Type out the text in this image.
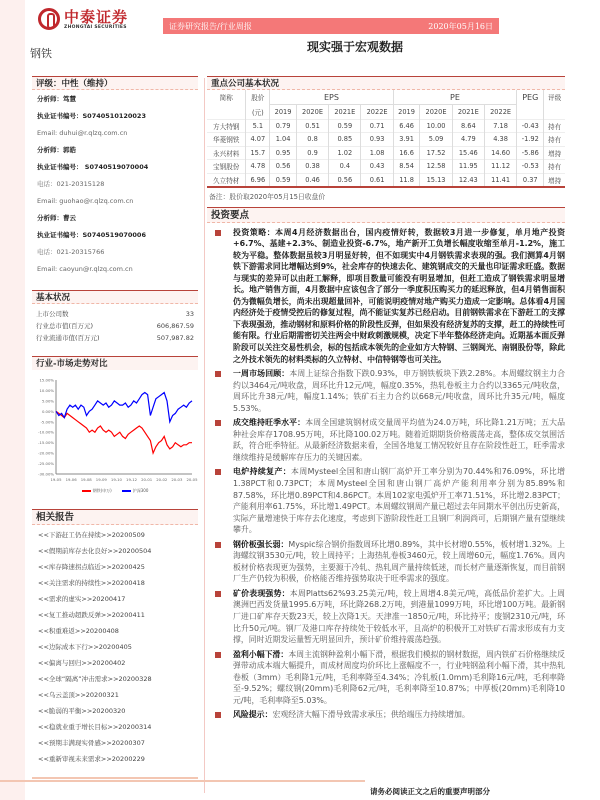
中泰证券
ZHONGTAI SECURITIES	证券研究报告/行业周报	2020年05月16日
现实强于宏观数据
钢铁
评级：中性（维持）
分析师：笃慧
执业证书编号：S0740510120023
Email: duhui@r.qlzq.com.cn
分析师：郭皓
执业证书编号： S0740519070004
电话：021-20315128
Email: guohao@r.qlzq.com.cn
分析师：曹云
执业证书编号：S0740519070006
电话：021-20315766
Email: caoyun@r.qlzq.com.cn
基本状况
上市公司数	33
行业总市值(百万元)	606,867.59
行业流通市值(百万元)	507,987.82
行业-市场走势对比
15.00%
10.00%
5.00%
0.00%
-5.00%
-10.00%
-15.00%
-20.00%
-25.00%
-30.00%
19-05 19-06 19-08 19-09 19-10 19-12 20-01 20-02 20-03 20-05
钢铁(申万)	沪深300
相关报告
<<下游赶工仍在持续>>20200509
<<假期前库存去化良好>>20200504
<<库存降速拐点临近>>20200425
<<关注需求的持续性>>20200418
<<需求的虚实>>20200417
<<复工推动超跌反弹>>20200411
<<积重难返>>20200408
<<边际成本下行>>20200405
<<偏离与回归>>20200402
<<全球“隔离”冲击需求>>20200328
<<乌云盖顶>>20200321
<<脆弱的平衡>>20200320
<<稳就业重于增长目标>>20200314
<<预期丰满现实骨感>>20200307
<<重新审视未来需求>>20200229
重点公司基本状况
简称	股价	EPS				PE				PEG	评级
	(元)	2019	2020E	2021E	2022E	2019	2020E	2021E	2022E		
方大特钢	5.1	0.79	0.51	0.59	0.71	6.46	10.00	8.64	7.18	-0.43	持有
华菱钢铁	4.07	1.04	0.8	0.85	0.93	3.91	5.09	4.79	4.38	-1.92	持有
永兴材料	15.7	0.95	0.9	1.02	1.08	16.6	17.52	15.46	14.60	-5.86	增持
宝钢股份	4.78	0.56	0.38	0.4	0.43	8.54	12.58	11.95	11.12	-0.53	持有
久立特材	6.96	0.59	0.46	0.56	0.61	11.8	15.13	12.43	11.41	0.37	增持
备注：股价取2020年05月15日收盘价
投资要点
投资策略：本周4月经济数据出台，国内疫情好转，数据较3月进一步修复，单月地产投资+6.7%、基建+2.3%、制造业投资-6.7%，地产新开工负增长幅度收缩至单月-1.2%，施工较为平稳。整体数据虽较3月明显好转，但不如现实中4月钢铁需求表现的强。我们测算4月钢铁下游需求同比增幅达到9%，社会库存的快速去化、建筑钢成交的天量也印证需求旺盛。数据与现实的差异可以由赶工解释，即项目数量可能没有明显增加，但赶工造成了钢铁需求明显增长。地产销售方面，4月数据中应该包含了部分一季度积压购买力的延迟释放，但4月销售面积仍为微幅负增长，尚未出现超量回补，可能说明疫情对地产购买力造成一定影响。总体看4月国内经济处于疫情受控后的修复过程，尚不能证实复苏已经启动。目前钢铁需求在下游赶工的支撑下表现强劲，推动钢材和原料价格的阶段性反弹，但如果没有经济复苏的支撑，赶工的持续性可能有限。行业后期需密切关注两会中财政刺激规模，决定下半年整体经济走向。近期基本面反弹阶段可以关注交易性机会，标的包括成本领先的企业如方大特钢、三钢闽光、南钢股份等，除此之外技术领先的材料类标的久立特材、中信特钢等也可关注。
一周市场回顾：本周上证综合指数下跌0.93%，申万钢铁板块下跌2.28%。本周螺纹钢主力合约以3464元/吨收盘，周环比升12元/吨，幅度0.35%，热轧卷板主力合约以3365元/吨收盘，周环比升38元/吨，幅度1.14%；铁矿石主力合约以668元/吨收盘，周环比升35元/吨，幅度5.53%。
成交维持旺季水平：本周全国建筑钢材成交量周平均值为24.0万吨，环比降1.21万吨；五大品种社会库存1708.95万吨，环比降100.02万吨。随着近期期货价格震荡走高，整体成交氛围活跃，符合旺季特征。从最新经济数据来看，全国各地复工情况较好且存在阶段性赶工，旺季需求继续维持是缓解库存压力的关键因素。
电炉持续复产：本周Mysteel全国和唐山钢厂高炉开工率分别为70.44%和76.09%，环比增1.38PCT和0.73PCT；本周Mysteel全国和唐山钢厂高炉产能利用率分别为85.89%和87.58%，环比增0.89PCT和4.86PCT。本周102家电弧炉开工率71.51%，环比增2.83PCT；产能利用率61.75%，环比增1.49PCT。本周螺纹钢周产量已超过去年同期水平创出历史新高，实际产量增速快于库存去化速度，考虑到下游阶段性赶工且钢厂利润尚可，后期钢产量有望继续攀升。
钢价板强长弱：Myspic综合钢价指数周环比增0.89%，其中长材增0.55%，板材增1.32%。上海螺纹钢3530元/吨，较上周持平；上海热轧卷板3460元，较上周增60元，幅度1.76%。周内板材价格表现更为强势，主要源于冷轧、热轧周产量持续低迷，而长材产量逐渐恢复，而目前钢厂生产仍较为积极，价格能否维持强势取决于旺季需求的强度。
矿价表现强势：本周Platts62%93.25美元/吨，较上周增4.8美元/吨，高低品价差扩大。上周澳洲巴西发货量1995.6万吨，环比降268.2万吨，到港量1099万吨，环比增100万吨。最新钢厂进口矿库存天数23天，较上次降1天。天津准一1850元/吨，环比持平；废钢2310元/吨，环比升50元/吨。钢厂及港口库存持续处于较低水平，且高炉的积极开工对铁矿石需求形成有力支撑，同时近期发运量暂无明显回升，预计矿价维持震荡趋强。
盈利小幅下滑：本周主流钢种盈利小幅下滑，根据我们模拟的钢材数据，周内铁矿石价格继续反弹带动成本端大幅提升，而成材周度均价环比上涨幅度不一，行业吨钢盈利小幅下滑，其中热轧卷板（3mm）毛利降1元/吨，毛利率降至4.34%；冷轧板(1.0mm)毛利降16元/吨，毛利率降至-9.52%；螺纹钢(20mm)毛利降62元/吨，毛利率降至10.87%；中厚板(20mm)毛利降10元/吨，毛利率降至5.03%。
风险提示：宏观经济大幅下滑导致需求承压；供给端压力持续增加。
请务必阅读正文之后的重要声明部分
